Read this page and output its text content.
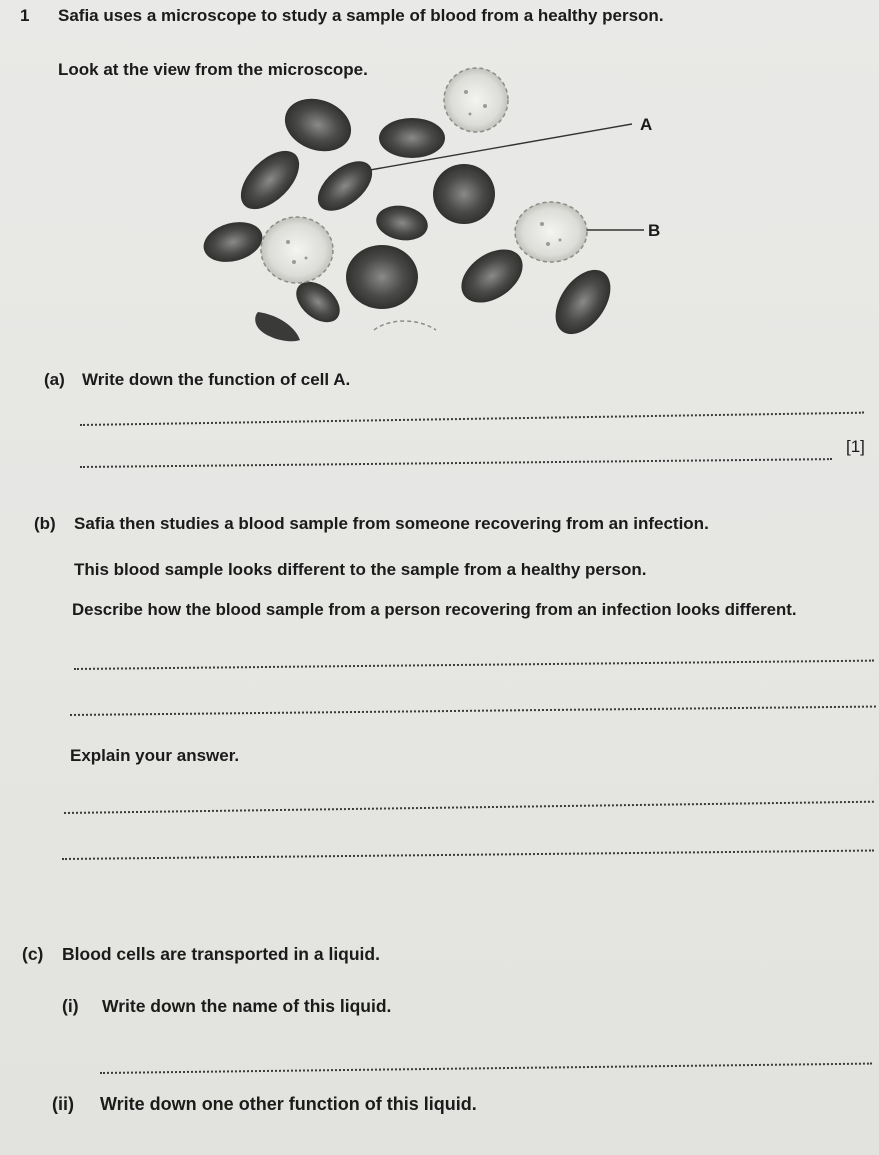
1 Safia uses a microscope to study a sample of blood from a healthy person.
Look at the view from the microscope.
A
B
(a) Write down the function of cell A.
[1]
(b) Safia then studies a blood sample from someone recovering from an infection.
This blood sample looks different to the sample from a healthy person.
Describe how the blood sample from a person recovering from an infection looks different.
Explain your answer.
(c) Blood cells are transported in a liquid.
(i) Write down the name of this liquid.
(ii) Write down one other function of this liquid.
